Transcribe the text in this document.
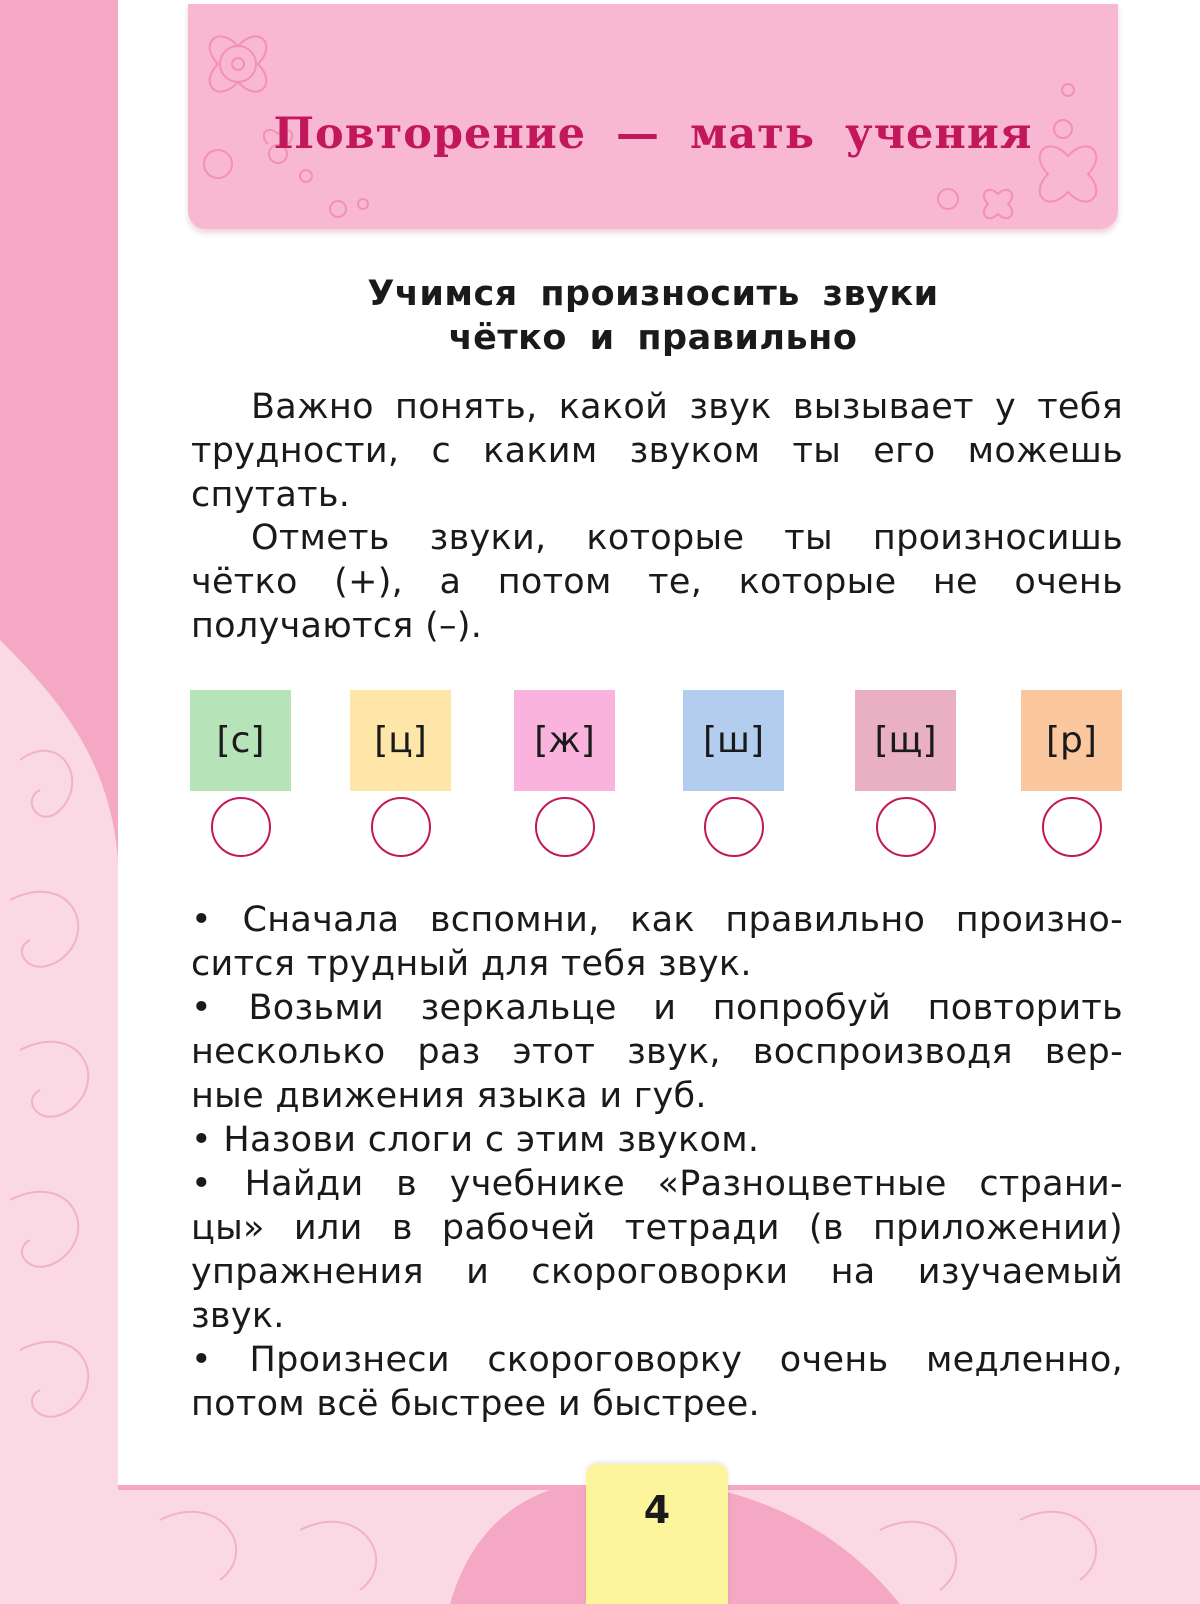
Повторение — мать учения
Учимся произносить звуки
чётко и правильно
Важно понять, какой звук вызывает у тебя
трудности, с каким звуком ты его можешь
спутать.
Отметь звуки, которые ты произносишь
чётко (+), а потом те, которые не очень
получаются (–).
[с]	[ц]	[ж]	[ш]	[щ]	[р]
• Сначала вспомни, как правильно произно-
сится трудный для тебя звук.
• Возьми зеркальце и попробуй повторить
несколько раз этот звук, воспроизводя вер-
ные движения языка и губ.
• Назови слоги с этим звуком.
• Найди в учебнике «Разноцветные страни-
цы» или в рабочей тетради (в приложении)
упражнения и скороговорки на изучаемый
звук.
• Произнеси скороговорку очень медленно,
потом всё быстрее и быстрее.
4
